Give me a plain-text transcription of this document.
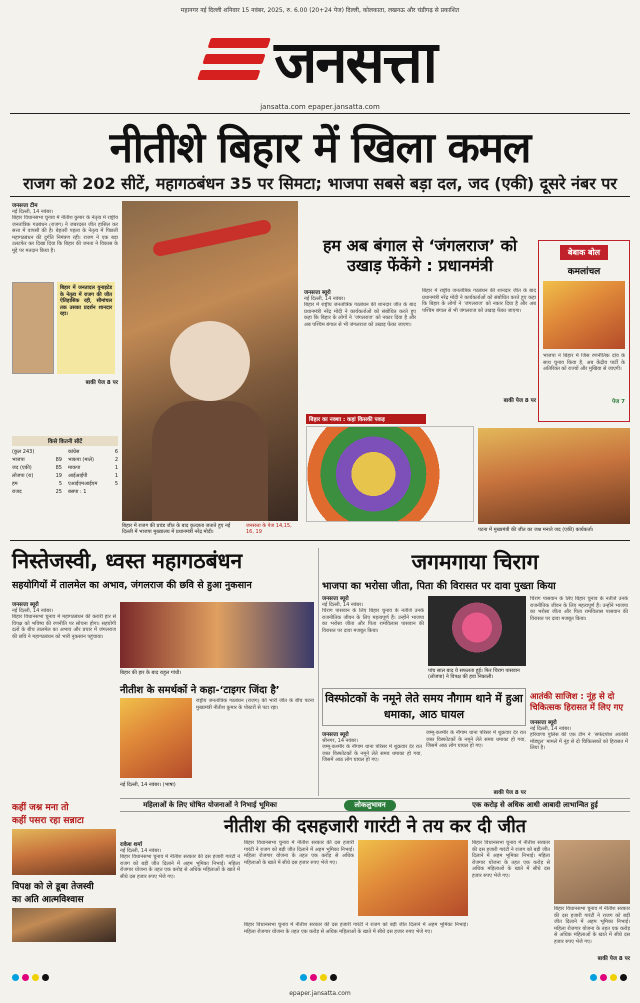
महानगर नई दिल्ली शनिवार 15 नवंबर, 2025, रु. 6.00 (20+24 पेज) दिल्ली, कोलकाता, लखनऊ और चंडीगढ़ से प्रकाशित
जनसत्ता
jansatta.com epaper.jansatta.com
नीतीशे बिहार में खिला कमल
राजग को 202 सीटें, महागठबंधन 35 पर सिमटा; भाजपा सबसे बड़ा दल, जद (एकी) दूसरे नंबर पर
जनसत्ता टीम
नई दिल्ली, 14 नवंबर।
बिहार विधानसभा चुनाव में नीतीश कुमार के नेतृत्व में राष्ट्रीय जनतांत्रिक गठबंधन (राजग) ने जबरदस्त जीत हासिल कर सत्ता में वापसी की है। बेहतरी पहला के नेतृत्व में पिछली महागठबंधन की दुर्गति निमंत्रण रही। राजग ने एक बड़ा उलटफेर कर दिखा दिया कि बिहार की जनता ने विकास के मुद्दे पर मतदान किया है।
बिहार में जनतादल युनाइटेड के नेतृत्व में राजग की जीत ऐतिहासिक रही, सीमांचल तक उसका प्रदर्शन शानदार रहा।
बाकी पेज 8 पर
किसे कितनी सीटें
(कुल 243)
भाजपा	89
जद (एकी)	85
लोजपा (रा)	19
हम	5
राजद	25
कांग्रेस	6
भाकपा (माले)	2
माकपा	1
आईआईपी	1
एआईएमआईएम	5
बसपा : 1
बिहार में राजग की प्रचंड जीत के बाद कृतज्ञता जताते हुए नई दिल्ली में भाजपा मुख्यालय में प्रधानमंत्री नरेंद्र मोदी।
जनसत्ता के पेज 14,15, 16, 19
हम अब बंगाल से ‘जंगलराज’ को उखाड़ फेंकेंगे : प्रधानमंत्री
जनसत्ता ब्यूरो
नई दिल्ली, 14 नवंबर।
बिहार में राष्ट्रीय जनतांत्रिक गठबंधन की शानदार जीत के बाद प्रधानमंत्री नरेंद्र मोदी ने कार्यकर्ताओं को संबोधित करते हुए कहा कि बिहार के लोगों ने ‘जंगलराज’ को नकार दिया है और अब पश्चिम बंगाल से भी जंगलराज को उखाड़ फेंका जाएगा।
बिहार में राष्ट्रीय जनतांत्रिक गठबंधन की शानदार जीत के बाद प्रधानमंत्री नरेंद्र मोदी ने कार्यकर्ताओं को संबोधित करते हुए कहा कि बिहार के लोगों ने ‘जंगलराज’ को नकार दिया है और अब पश्चिम बंगाल से भी जंगलराज को उखाड़ फेंका जाएगा।
बाकी पेज 8 पर
बिहार का नक्शा : कहां किसकी पकड़
बेबाक बोल
कमलांचल
भाजपा ने बिहार में जिस रणनीतिक दांव के साथ चुनाव किया है, अब केंद्रीय पार्टी के अतिरिक्त को राज्यों और मुखिया से जाएगी।
पेज 7
पटना में मुख्यमंत्री की जीत का जश्न मनाते जद (एकी) कार्यकर्ता।
निस्तेजस्वी, ध्वस्त महागठबंधन
सहयोगियों में तालमेल का अभाव, जंगलराज की छवि से हुआ नुकसान
जनसत्ता ब्यूरो
नई दिल्ली, 14 नवंबर।
बिहार विधानसभा चुनाव में महागठबंधन की करारी हार से विपक्ष को भविष्य की रणनीति पर सोचना होगा। सहयोगी दलों के बीच तालमेल का अभाव और प्रचार में जंगलराज की छवि ने महागठबंधन को भारी नुकसान पहुंचाया।
बिहार की हार के बाद राहुल गांधी।
नीतीश के समर्थकों ने कहा-‘टाइगर जिंदा है’
राष्ट्रीय जनतांत्रिक गठबंधन (राजग) की भारी जीत के बीच पटना मुख्यमंत्री नीतीश कुमार के पोस्टरों से पटा रहा।
नई दिल्ली, 14 नवंबर। (भाषा)
जगमगाया चिराग
भाजपा का भरोसा जीता, पिता की विरासत पर दावा पुख्ता किया
जनसत्ता ब्यूरो
नई दिल्ली, 14 नवंबर।
चिराग पासवान के लिए बिहार चुनाव के नतीजे उनके राजनीतिक जीवन के लिए महत्वपूर्ण हैं। उन्होंने भाजपा का भरोसा जीता और पिता रामविलास पासवान की विरासत पर दावा मजबूत किया।
पांच साल बाद ये सफलता हुई। फिर चिराग पासवान (लोजपा) ने विपक्ष की हवा निकाली।
चिराग पासवान के लिए बिहार चुनाव के नतीजे उनके राजनीतिक जीवन के लिए महत्वपूर्ण हैं। उन्होंने भाजपा का भरोसा जीता और पिता रामविलास पासवान की विरासत पर दावा मजबूत किया।
विस्फोटकों के नमूने लेते समय नौगाम थाने में हुआ धमाका, आठ घायल
जनसत्ता ब्यूरो
श्रीनगर, 14 नवंबर।
जम्मू-कश्मीर के नौगाम थाना परिसर में शुक्रवार देर रात जब्त विस्फोटकों के नमूने लेते समय धमाका हो गया, जिसमें आठ लोग घायल हो गए।
जम्मू-कश्मीर के नौगाम थाना परिसर में शुक्रवार देर रात जब्त विस्फोटकों के नमूने लेते समय धमाका हो गया, जिसमें आठ लोग घायल हो गए।
बाकी पेज 8 पर
आतंकी साजिश : नूंह से दो चिकित्सक हिरासत में लिए गए
जनसत्ता ब्यूरो
नई दिल्ली, 14 नवंबर।
हरियाणा पुलिस की एक टीम ने ‘सफेदपोश आतंकी मॉड्यूल’ मामले में नूंह से दो चिकित्सकों को हिरासत में लिया है।
महिलाओं के लिए घोषित योजनाओं ने निभाई भूमिका	लोकलुभावन	एक करोड़ से अधिक आधी आबादी लाभान्वित हुई
नीतीश की दसहजारी गारंटी ने तय कर दी जीत
कहीं जश्न मना तो
कहीं पसरा रहा सन्नाटा
विपक्ष को ले डूबा तेजस्वी
का अति आत्मविश्वास
राकेश शर्मा
नई दिल्ली, 14 नवंबर।
बिहार विधानसभा चुनाव में नीतीश सरकार की दस हजारी गारंटी ने राजग को बड़ी जीत दिलाने में अहम भूमिका निभाई। महिला रोजगार योजना के तहत एक करोड़ से अधिक महिलाओं के खाते में सीधे दस हजार रुपए भेजे गए।
बिहार विधानसभा चुनाव में नीतीश सरकार की दस हजारी गारंटी ने राजग को बड़ी जीत दिलाने में अहम भूमिका निभाई। महिला रोजगार योजना के तहत एक करोड़ से अधिक महिलाओं के खाते में सीधे दस हजार रुपए भेजे गए।
बिहार विधानसभा चुनाव में नीतीश सरकार की दस हजारी गारंटी ने राजग को बड़ी जीत दिलाने में अहम भूमिका निभाई। महिला रोजगार योजना के तहत एक करोड़ से अधिक महिलाओं के खाते में सीधे दस हजार रुपए भेजे गए।
बिहार विधानसभा चुनाव में नीतीश सरकार की दस हजारी गारंटी ने राजग को बड़ी जीत दिलाने में अहम भूमिका निभाई। महिला रोजगार योजना के तहत एक करोड़ से अधिक महिलाओं के खाते में सीधे दस हजार रुपए भेजे गए।
बिहार विधानसभा चुनाव में नीतीश सरकार की दस हजारी गारंटी ने राजग को बड़ी जीत दिलाने में अहम भूमिका निभाई। महिला रोजगार योजना के तहत एक करोड़ से अधिक महिलाओं के खाते में सीधे दस हजार रुपए भेजे गए।
बाकी पेज 8 पर
epaper.jansatta.com
